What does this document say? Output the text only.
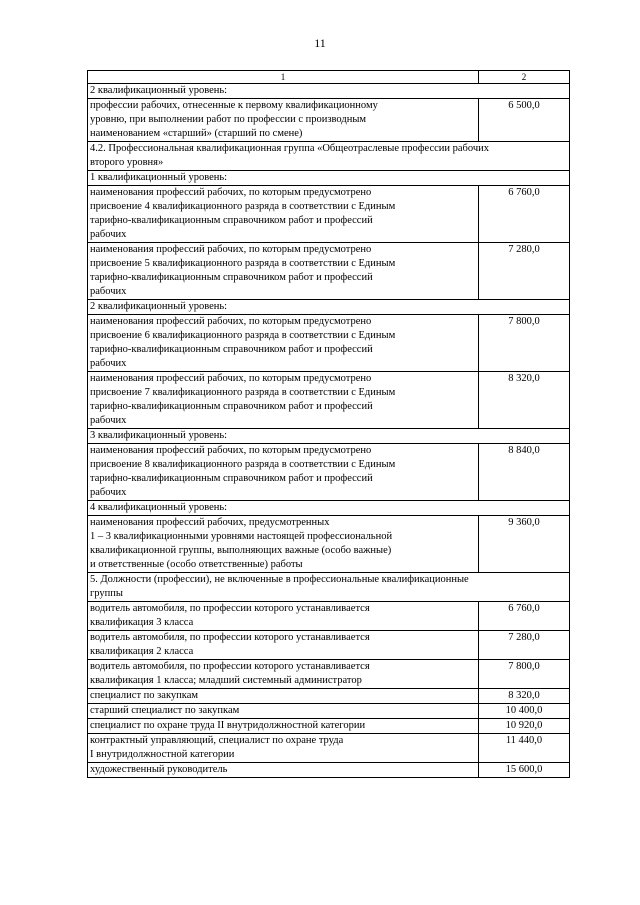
11
1	2
2 квалификационный уровень:	
профессии рабочих, отнесенные к первому квалификационному
уровню, при выполнении работ по профессии с производным
наименованием «старший» (старший по смене)	6 500,0
4.2. Профессиональная квалификационная группа «Общеотраслевые профессии рабочих
второго уровня»	
1 квалификационный уровень:	
наименования профессий рабочих, по которым предусмотрено
присвоение 4 квалификационного разряда в соответствии с Единым
тарифно-квалификационным справочником работ и профессий
рабочих	6 760,0
наименования профессий рабочих, по которым предусмотрено
присвоение 5 квалификационного разряда в соответствии с Единым
тарифно-квалификационным справочником работ и профессий
рабочих	7 280,0
2 квалификационный уровень:	
наименования профессий рабочих, по которым предусмотрено
присвоение 6 квалификационного разряда в соответствии с Единым
тарифно-квалификационным справочником работ и профессий
рабочих	7 800,0
наименования профессий рабочих, по которым предусмотрено
присвоение 7 квалификационного разряда в соответствии с Единым
тарифно-квалификационным справочником работ и профессий
рабочих	8 320,0
3 квалификационный уровень:	
наименования профессий рабочих, по которым предусмотрено
присвоение 8 квалификационного разряда в соответствии с Единым
тарифно-квалификационным справочником работ и профессий
рабочих	8 840,0
4 квалификационный уровень:	
наименования профессий рабочих, предусмотренных
1 – 3 квалификационными уровнями настоящей профессиональной
квалификационной группы, выполняющих важные (особо важные)
и ответственные (особо ответственные) работы	9 360,0
5. Должности (профессии), не включенные в профессиональные квалификационные
группы	
водитель автомобиля, по профессии которого устанавливается
квалификация 3 класса	6 760,0
водитель автомобиля, по профессии которого устанавливается
квалификация 2 класса	7 280,0
водитель автомобиля, по профессии которого устанавливается
квалификация 1 класса; младший системный администратор	7 800,0
специалист по закупкам	8 320,0
старший специалист по закупкам	10 400,0
специалист по охране труда II внутридолжностной категории	10 920,0
контрактный управляющий, специалист по охране труда
I внутридолжностной категории	11 440,0
художественный руководитель	15 600,0
